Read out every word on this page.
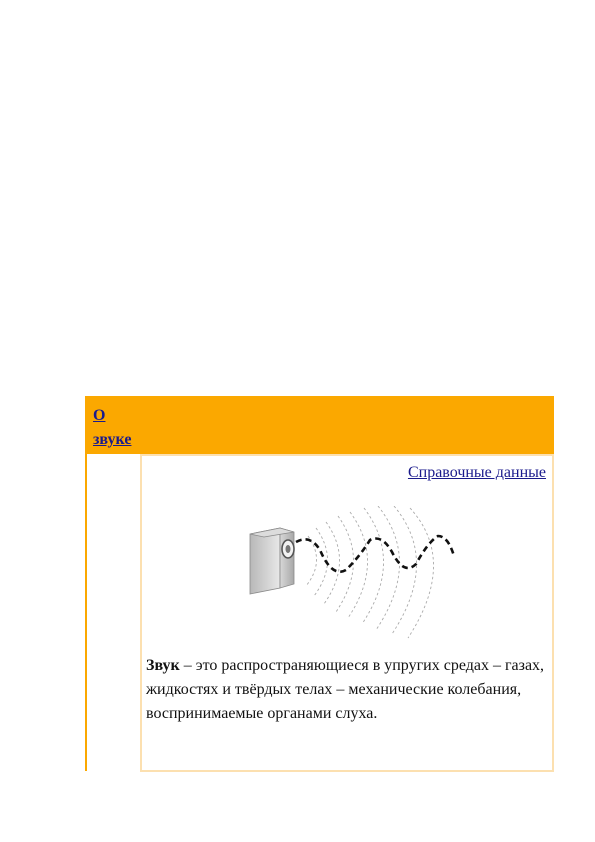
О
звуке
Справочные данные
Звук – это распространяющиеся в упругих средах – газах, жидкостях и твёрдых телах – механические колебания, воспринимаемые органами слуха.
